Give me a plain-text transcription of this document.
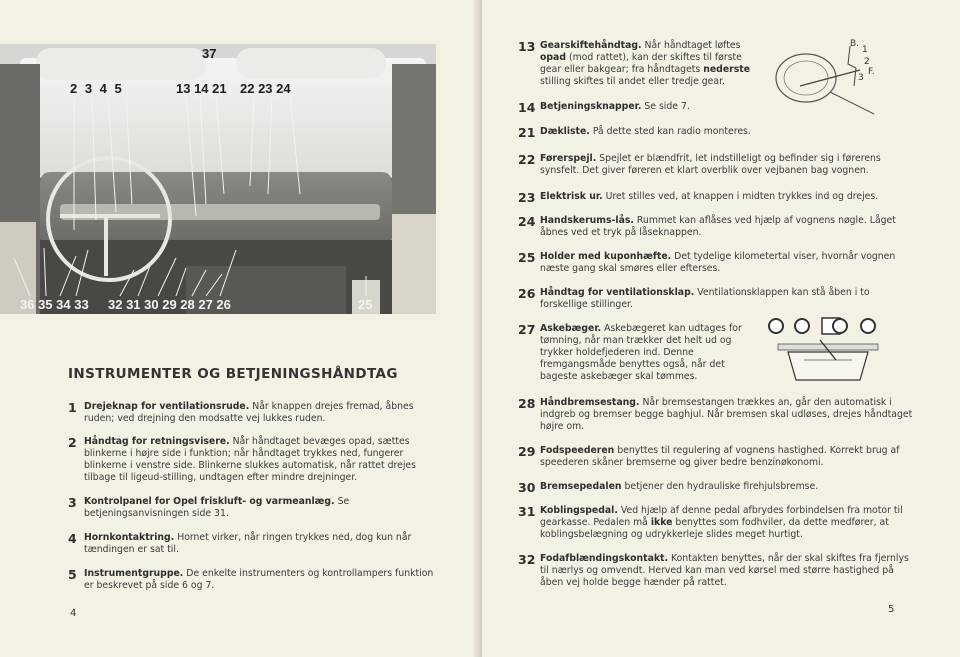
37
2 3 4 5	13 14 21 22 23 24
36 35 34 33 32 31 30 29 28 27 26	25
INSTRUMENTER OG BETJENINGSHÅNDTAG
1 Drejeknap for ventilationsrude. Når knappen drejes fremad, åbnes ruden; ved drejning den modsatte vej lukkes ruden.
2 Håndtag for retningsvisere. Når håndtaget bevæges opad, sættes blinkerne i højre side i funktion; når håndtaget trykkes ned, fungerer blinkerne i venstre side. Blinkerne slukkes automatisk, når rattet drejes tilbage til ligeud-stilling, undtagen efter mindre drejninger.
3 Kontrolpanel for Opel friskluft- og varmeanlæg. Se betjeningsanvisningen side 31.
4 Hornkontaktring. Hornet virker, når ringen trykkes ned, dog kun når tændingen er sat til.
5 Instrumentgruppe. De enkelte instrumenters og kontrollampers funktion er beskrevet på side 6 og 7.
4
13 Gearskiftehåndtag. Når håndtaget løftes opad (mod rattet), kan der skiftes til første gear eller bakgear; fra håndtagets nederste stilling skiftes til andet eller tredje gear.
B.
1
2
3
F.
14 Betjeningsknapper. Se side 7.
21 Dækliste. På dette sted kan radio monteres.
22 Førerspejl. Spejlet er blændfrit, let indstilleligt og befinder sig i førerens synsfelt. Det giver føreren et klart overblik over vejbanen bag vognen.
23 Elektrisk ur. Uret stilles ved, at knappen i midten trykkes ind og drejes.
24 Handskerums-lås. Rummet kan aflåses ved hjælp af vognens nøgle. Låget åbnes ved et tryk på låseknappen.
25 Holder med kuponhæfte. Det tydelige kilometertal viser, hvornår vognen næste gang skal smøres eller efterses.
26 Håndtag for ventilationsklap. Ventilationsklappen kan stå åben i to forskellige stillinger.
27 Askebæger. Askebægeret kan udtages for tømning, når man trækker det helt ud og trykker holdefjederen ind. Denne fremgangsmåde benyttes også, når det bageste askebæger skal tømmes.
28 Håndbremsestang. Når bremsestangen trækkes an, går den automatisk i indgreb og bremser begge baghjul. Når bremsen skal udløses, drejes håndtaget højre om.
29 Fodspeederen benyttes til regulering af vognens hastighed. Korrekt brug af speederen skåner bremserne og giver bedre benzinøkonomi.
30 Bremsepedalen betjener den hydrauliske firehjulsbremse.
31 Koblingspedal. Ved hjælp af denne pedal afbrydes forbindelsen fra motor til gearkasse. Pedalen må ikke benyttes som fodhviler, da dette medfører, at koblingsbelægning og udrykkerleje slides meget hurtigt.
32 Fodafblændingskontakt. Kontakten benyttes, når der skal skiftes fra fjernlys til nærlys og omvendt. Herved kan man ved kørsel med større hastighed på åben vej holde begge hænder på rattet.
5
